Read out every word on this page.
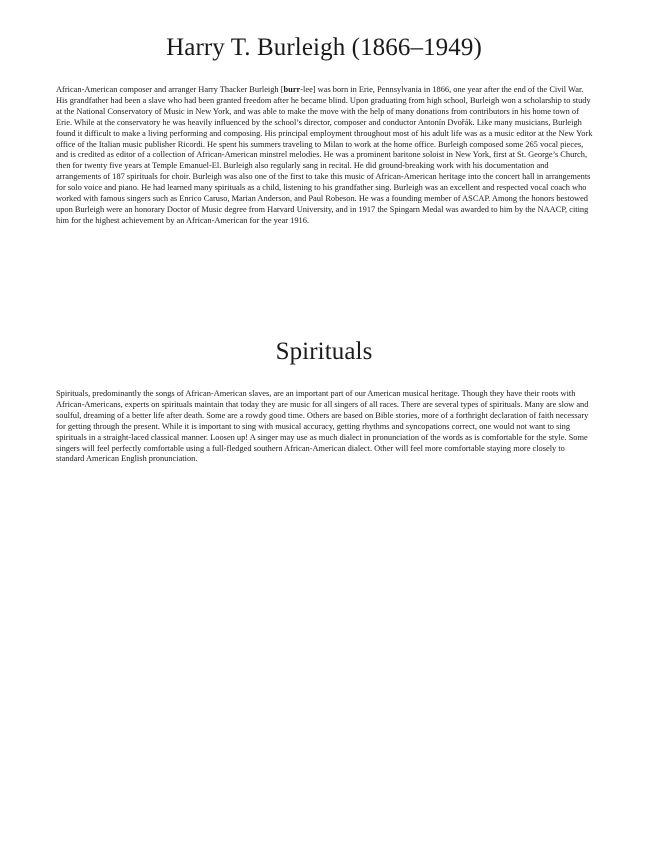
Harry T. Burleigh (1866–1949)

African-American composer and arranger Harry Thacker Burleigh [burr-lee] was born in Erie, Pennsylvania in 1866, one year after the end of the Civil War. His grandfather had been a slave who had been granted freedom after he became blind. Upon graduating from high school, Burleigh won a scholarship to study at the National Conservatory of Music in New York, and was able to make the move with the help of many donations from contributors in his home town of Erie. While at the conservatory he was heavily influenced by the school’s director, composer and conductor Antonín Dvořák. Like many musicians, Burleigh found it difficult to make a living performing and composing. His principal employment throughout most of his adult life was as a music editor at the New York office of the Italian music publisher Ricordi. He spent his summers traveling to Milan to work at the home office. Burleigh composed some 265 vocal pieces, and is credited as editor of a collection of African-American minstrel melodies. He was a prominent baritone soloist in New York, first at St. George’s Church, then for twenty five years at Temple Emanuel-El. Burleigh also regularly sang in recital. He did ground-breaking work with his documentation and arrangements of 187 spirituals for choir. Burleigh was also one of the first to take this music of African-American heritage into the concert hall in arrangements for solo voice and piano. He had learned many spirituals as a child, listening to his grandfather sing. Burleigh was an excellent and respected vocal coach who worked with famous singers such as Enrico Caruso, Marian Anderson, and Paul Robeson. He was a founding member of ASCAP. Among the honors bestowed upon Burleigh were an honorary Doctor of Music degree from Harvard University, and in 1917 the Spingarn Medal was awarded to him by the NAACP, citing him for the highest achievement by an African-American for the year 1916.

Spirituals

Spirituals, predominantly the songs of African-American slaves, are an important part of our American musical heritage. Though they have their roots with African-Americans, experts on spirituals maintain that today they are music for all singers of all races. There are several types of spirituals. Many are slow and soulful, dreaming of a better life after death. Some are a rowdy good time. Others are based on Bible stories, more of a forthright declaration of faith necessary for getting through the present. While it is important to sing with musical accuracy, getting rhythms and syncopations correct, one would not want to sing spirituals in a straight-laced classical manner. Loosen up! A singer may use as much dialect in pronunciation of the words as is comfortable for the style. Some singers will feel perfectly comfortable using a full-fledged southern African-American dialect. Other will feel more comfortable staying more closely to standard American English pronunciation.
